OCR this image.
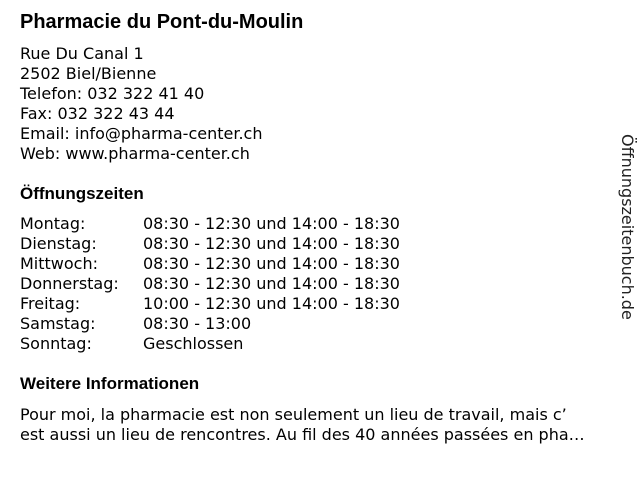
Pharmacie du Pont-du-Moulin
Rue Du Canal 1
2502 Biel/Bienne
Telefon: 032 322 41 40
Fax: 032 322 43 44
Email: info@pharma-center.ch
Web: www.pharma-center.ch
Öffnungszeiten
Montag:	08:30 - 12:30 und 14:00 - 18:30
Dienstag:	08:30 - 12:30 und 14:00 - 18:30
Mittwoch:	08:30 - 12:30 und 14:00 - 18:30
Donnerstag:	08:30 - 12:30 und 14:00 - 18:30
Freitag:	10:00 - 12:30 und 14:00 - 18:30
Samstag:	08:30 - 13:00
Sonntag:	Geschlossen
Weitere Informationen
Pour moi, la pharmacie est non seulement un lieu de travail, mais c’
est aussi un lieu de rencontres. Au fil des 40 années passées en pha…
Öffnungszeitenbuch.de
